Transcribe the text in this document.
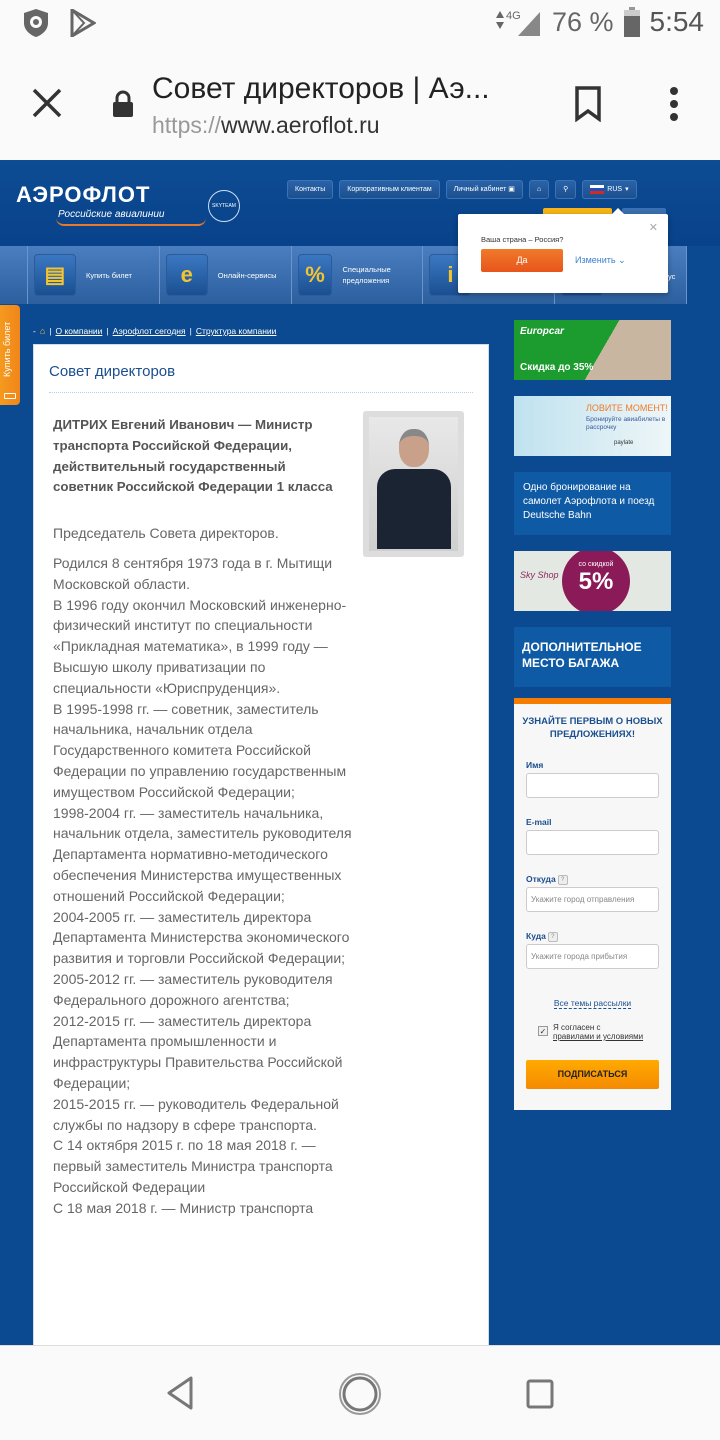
4G 76 % 5:54
Совет директоров | Аэ...
https://www.aeroflot.ru
АЭРОФЛОТ
Российские авиалинии
SKYTEAM
Контакты	Корпоративным клиентам	Личный кабинет ▣	⌂	⚲	RUS ▾
▤	Купить билет	e	Онлайн-сервисы	%	Специальные предложения	i	ус
✕
Ваша страна – Россия?
Да	Изменить ⌄
Купить билет - ⌂ | О компании | Аэрофлот сегодня | Структура компании
Совет директоров
ДИТРИХ Евгений Иванович — Министр транспорта Российской Федерации, действительный государственный советник Российской Федерации 1 класса
Председатель Совета директоров.

Родился 8 сентября 1973 года в г. Мытищи Московской области.
В 1996 году окончил Московский инженерно-физический институт по специальности «Прикладная математика», в 1999 году — Высшую школу приватизации по специальности «Юриспруденция».
В 1995-1998 гг. — советник, заместитель начальника, начальник отдела Государственного комитета Российской Федерации по управлению государственным имуществом Российской Федерации;
1998-2004 гг. — заместитель начальника, начальник отдела, заместитель руководителя Департамента нормативно-методического обеспечения Министерства имущественных отношений Российской Федерации;
2004-2005 гг. — заместитель директора Департамента Министерства экономического развития и торговли Российской Федерации;
2005-2012 гг. — заместитель руководителя Федерального дорожного агентства;
2012-2015 гг. — заместитель директора Департамента промышленности и инфраструктуры Правительства Российской Федерации;
2015-2015 гг. — руководитель Федеральной службы по надзору в сфере транспорта.
С 14 октября 2015 г. по 18 мая 2018 г. — первый заместитель Министра транспорта Российской Федерации
С 18 мая 2018 г. — Министр транспорта

Europcar
Скидка до 35%
ЛОВИТЕ МОМЕНТ!
Бронируйте авиабилеты в рассрочку
paylate
Одно бронирование на самолет Аэрофлота и поезд Deutsche Bahn
Sky Shop
со скидкой
5%
ДОПОЛНИТЕЛЬНОЕ МЕСТО БАГАЖА
УЗНАЙТЕ ПЕРВЫМ О НОВЫХ ПРЕДЛОЖЕНИЯХ!
Имя
E-mail
Откуда ?
Укажите город отправления
Куда ?
Укажите города прибытия
Все темы рассылки
✓ Я согласен с
правилами и условиями
ПОДПИСАТЬСЯ
